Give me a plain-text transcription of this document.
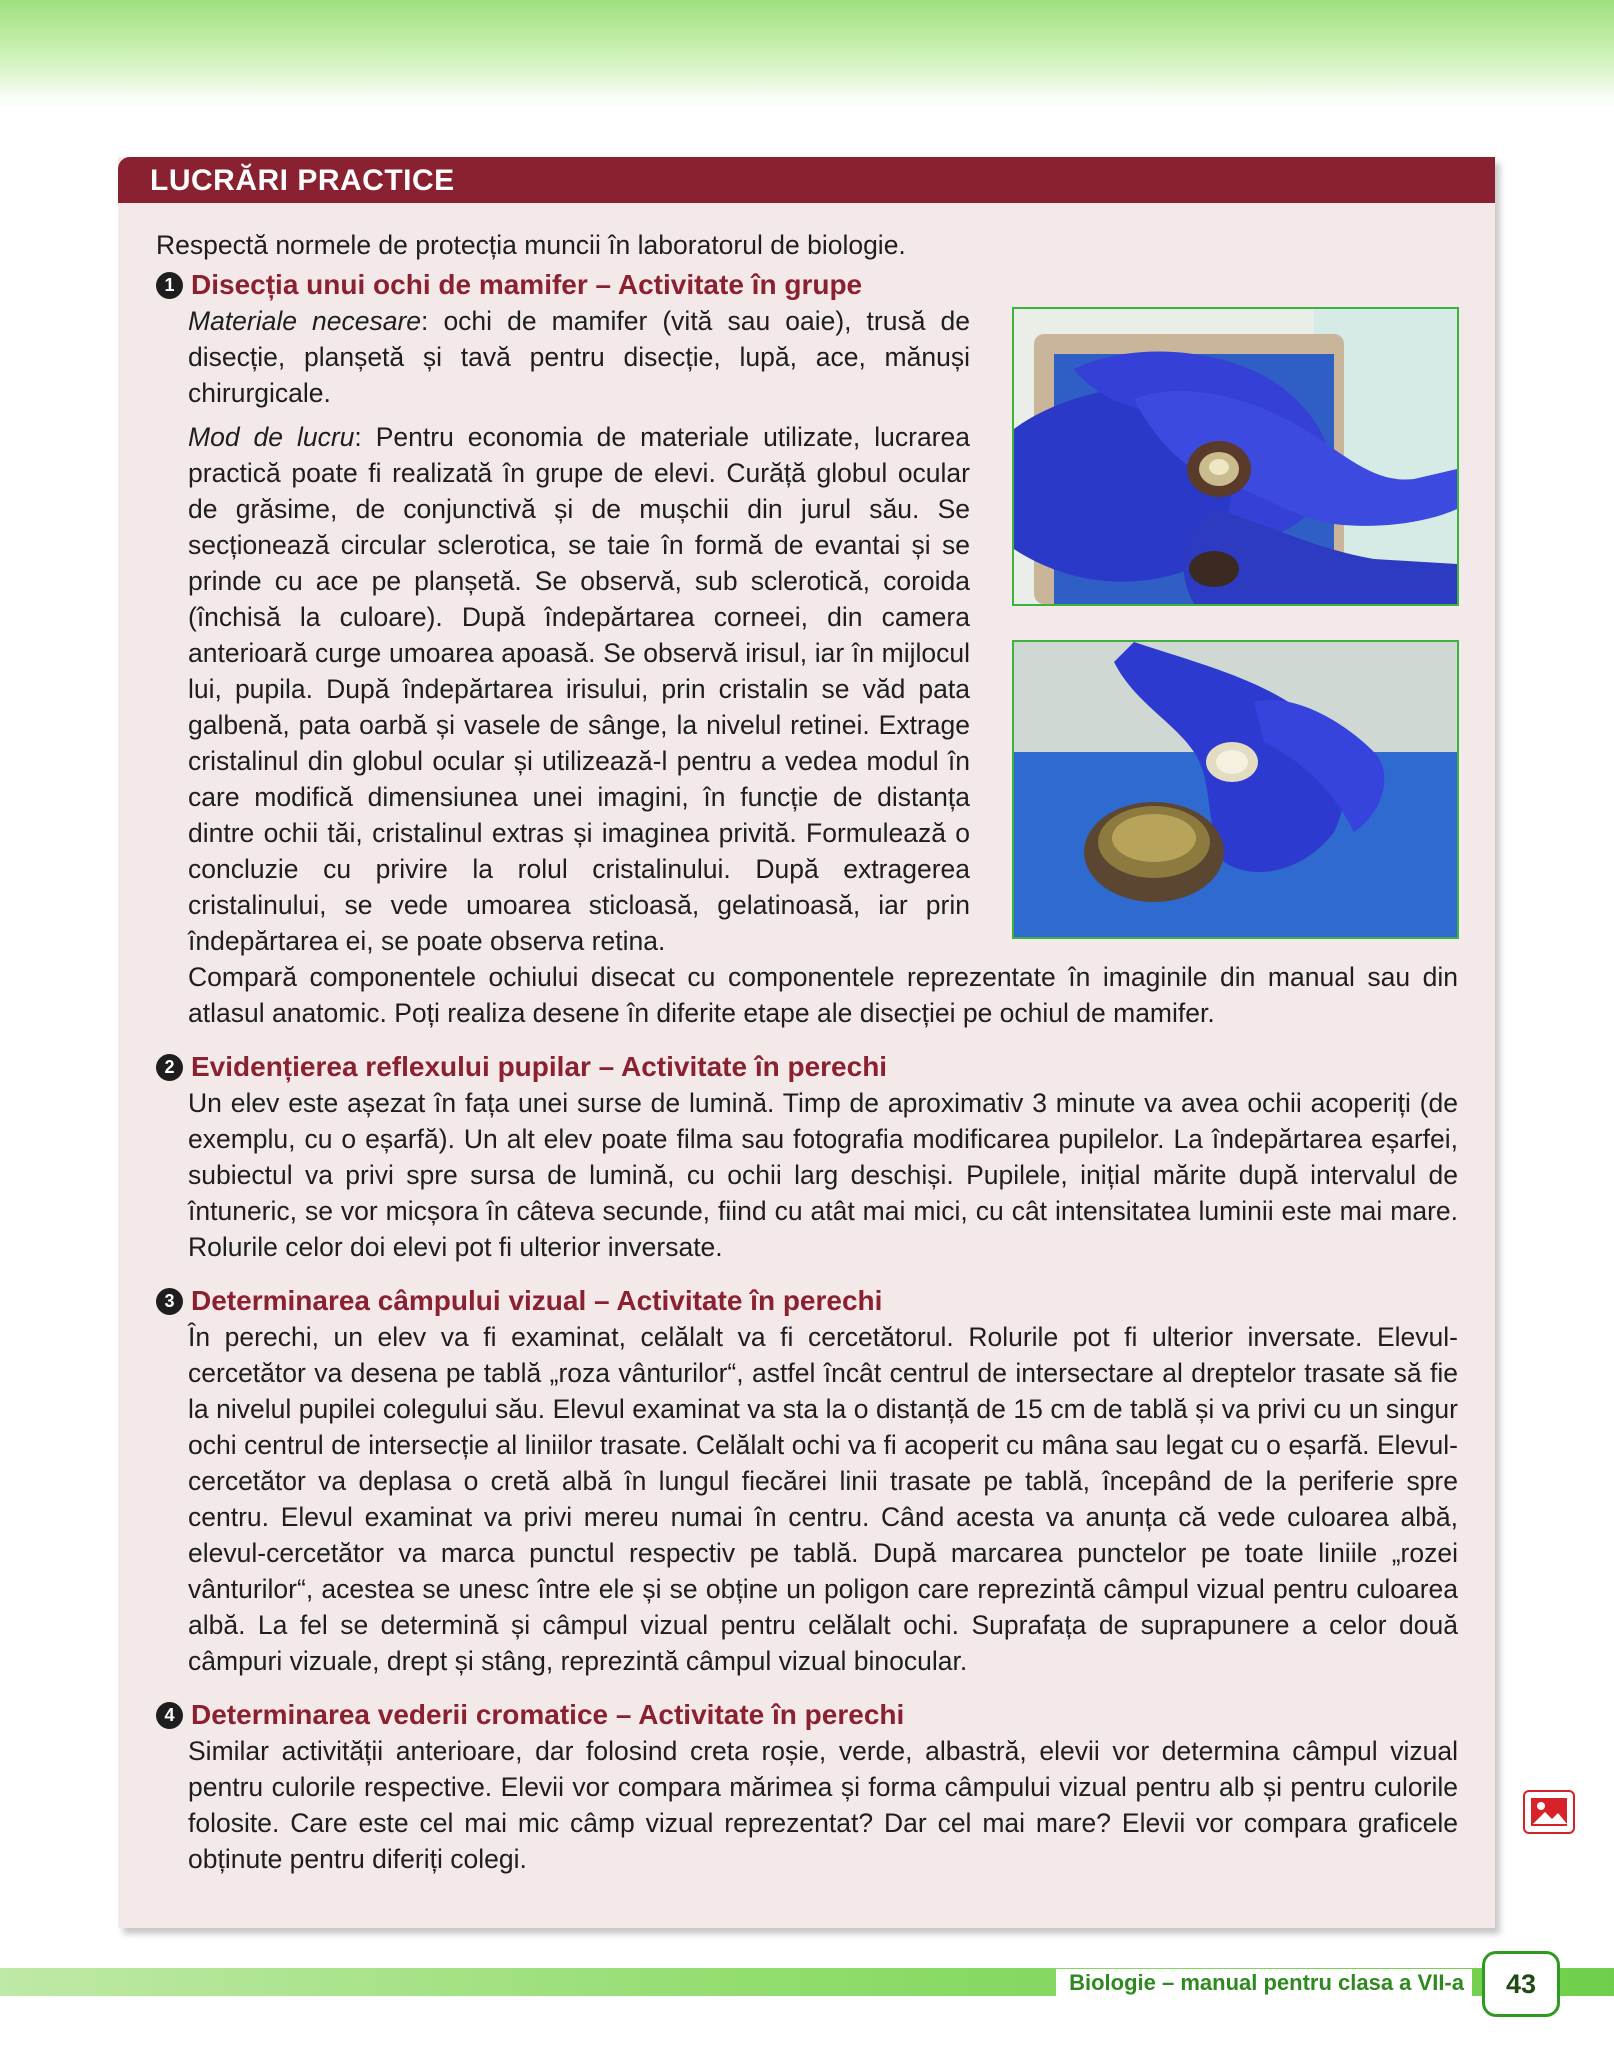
LUCRĂRI PRACTICE

Respectă normele de protecția muncii în laboratorul de biologie.

1 Disecția unui ochi de mamifer – Activitate în grupe

Materiale necesare: ochi de mamifer (vită sau oaie), trusă de disecție, planșetă și tavă pentru disecție, lupă, ace, mănuși chirurgicale.

Mod de lucru: Pentru economia de materiale utilizate, lucrarea practică poate fi realizată în grupe de elevi. Curăță globul ocular de grăsime, de conjunctivă și de mușchii din jurul său. Se secționează circular sclerotica, se taie în formă de evantai și se prinde cu ace pe planșetă. Se observă, sub sclerotică, coroida (închisă la culoare). După îndepărtarea corneei, din camera anterioară curge umoarea apoasă. Se observă irisul, iar în mijlocul lui, pupila. După îndepărtarea irisului, prin cristalin se văd pata galbenă, pata oarbă și vasele de sânge, la nivelul retinei. Extrage cristalinul din globul ocular și utilizează-l pentru a vedea modul în care modifică dimensiunea unei imagini, în funcție de distanța dintre ochii tăi, cristalinul extras și imaginea privită. Formulează o concluzie cu privire la rolul cristalinului. După extragerea cristalinului, se vede umoarea sticloasă, gelatinoasă, iar prin îndepărtarea ei, se poate observa retina.

Compară componentele ochiului disecat cu componentele reprezentate în imaginile din manual sau din atlasul anatomic. Poți realiza desene în diferite etape ale disecției pe ochiul de mamifer.

2 Evidențierea reflexului pupilar – Activitate în perechi

Un elev este așezat în fața unei surse de lumină. Timp de aproximativ 3 minute va avea ochii acoperiți (de exemplu, cu o eșarfă). Un alt elev poate filma sau fotografia modificarea pupilelor. La îndepărtarea eșarfei, subiectul va privi spre sursa de lumină, cu ochii larg deschiși. Pupilele, inițial mărite după intervalul de întuneric, se vor micșora în câteva secunde, fiind cu atât mai mici, cu cât intensitatea luminii este mai mare. Rolurile celor doi elevi pot fi ulterior inversate.

3 Determinarea câmpului vizual – Activitate în perechi

În perechi, un elev va fi examinat, celălalt va fi cercetătorul. Rolurile pot fi ulterior inversate. Elevul-cercetător va desena pe tablă „roza vânturilor“, astfel încât centrul de intersectare al dreptelor trasate să fie la nivelul pupilei colegului său. Elevul examinat va sta la o distanță de 15 cm de tablă și va privi cu un singur ochi centrul de intersecție al liniilor trasate. Celălalt ochi va fi acoperit cu mâna sau legat cu o eșarfă. Elevul-cercetător va deplasa o cretă albă în lungul fiecărei linii trasate pe tablă, începând de la periferie spre centru. Elevul examinat va privi mereu numai în centru. Când acesta va anunța că vede culoarea albă, elevul-cercetător va marca punctul respectiv pe tablă. După marcarea punctelor pe toate liniile „rozei vânturilor“, acestea se unesc între ele și se obține un poligon care reprezintă câmpul vizual pentru culoarea albă. La fel se determină și câmpul vizual pentru celălalt ochi. Suprafața de suprapunere a celor două câmpuri vizuale, drept și stâng, reprezintă câmpul vizual binocular.

4 Determinarea vederii cromatice – Activitate în perechi

Similar activității anterioare, dar folosind creta roșie, verde, albastră, elevii vor determina câmpul vizual pentru culorile respective. Elevii vor compara mărimea și forma câmpului vizual pentru alb și pentru culorile folosite. Care este cel mai mic câmp vizual reprezentat? Dar cel mai mare? Elevii vor compara graficele obținute pentru diferiți colegi.

Biologie – manual pentru clasa a VII-a	43
